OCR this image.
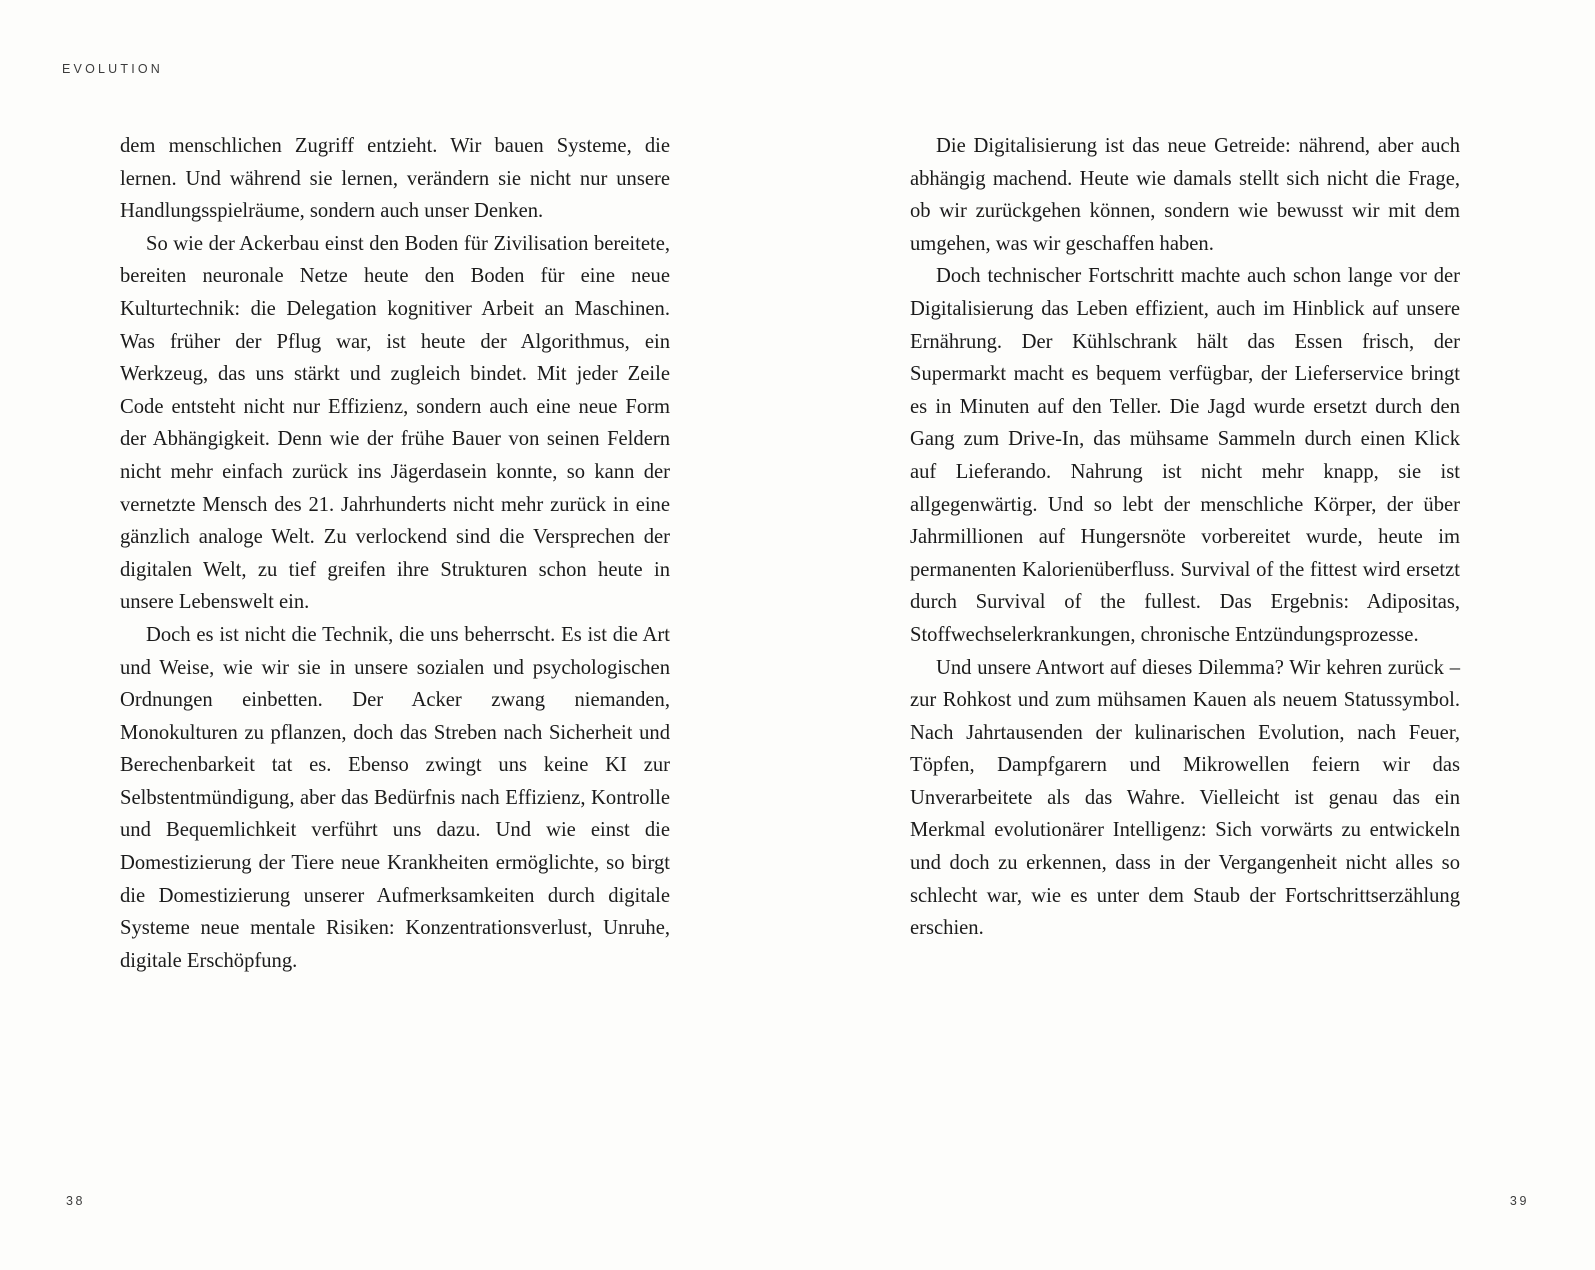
EVOLUTION

dem menschlichen Zugriff entzieht. Wir bauen Systeme, die lernen. Und während sie lernen, verändern sie nicht nur unsere Handlungsspielräume, sondern auch unser Denken.

So wie der Ackerbau einst den Boden für Zivilisation bereitete, bereiten neuronale Netze heute den Boden für eine neue Kulturtechnik: die Delegation kognitiver Arbeit an Maschinen. Was früher der Pflug war, ist heute der Algorithmus, ein Werkzeug, das uns stärkt und zugleich bindet. Mit jeder Zeile Code entsteht nicht nur Effizienz, sondern auch eine neue Form der Abhängigkeit. Denn wie der frühe Bauer von seinen Feldern nicht mehr einfach zurück ins Jägerdasein konnte, so kann der vernetzte Mensch des 21. Jahrhunderts nicht mehr zurück in eine gänzlich analoge Welt. Zu verlockend sind die Versprechen der digitalen Welt, zu tief greifen ihre Strukturen schon heute in unsere Lebenswelt ein.

Doch es ist nicht die Technik, die uns beherrscht. Es ist die Art und Weise, wie wir sie in unsere sozialen und psychologischen Ordnungen einbetten. Der Acker zwang niemanden, Monokulturen zu pflanzen, doch das Streben nach Sicherheit und Berechenbarkeit tat es. Ebenso zwingt uns keine KI zur Selbstentmündigung, aber das Bedürfnis nach Effizienz, Kontrolle und Bequemlichkeit verführt uns dazu. Und wie einst die Domestizierung der Tiere neue Krankheiten ermöglichte, so birgt die Domestizierung unserer Aufmerksamkeiten durch digitale Systeme neue mentale Risiken: Konzentrationsverlust, Unruhe, digitale Erschöpfung.

Die Digitalisierung ist das neue Getreide: nährend, aber auch abhängig machend. Heute wie damals stellt sich nicht die Frage, ob wir zurückgehen können, sondern wie bewusst wir mit dem umgehen, was wir geschaffen haben.

Doch technischer Fortschritt machte auch schon lange vor der Digitalisierung das Leben effizient, auch im Hinblick auf unsere Ernährung. Der Kühlschrank hält das Essen frisch, der Supermarkt macht es bequem verfügbar, der Lieferservice bringt es in Minuten auf den Teller. Die Jagd wurde ersetzt durch den Gang zum Drive-In, das mühsame Sammeln durch einen Klick auf Lieferando. Nahrung ist nicht mehr knapp, sie ist allgegenwärtig. Und so lebt der menschliche Körper, der über Jahrmillionen auf Hungersnöte vorbereitet wurde, heute im permanenten Kalorienüberfluss. Survival of the fittest wird ersetzt durch Survival of the fullest. Das Ergebnis: Adipositas, Stoffwechselerkrankungen, chronische Entzündungsprozesse.

Und unsere Antwort auf dieses Dilemma? Wir kehren zurück – zur Rohkost und zum mühsamen Kauen als neuem Statussymbol. Nach Jahrtausenden der kulinarischen Evolution, nach Feuer, Töpfen, Dampfgarern und Mikrowellen feiern wir das Unverarbeitete als das Wahre. Vielleicht ist genau das ein Merkmal evolutionärer Intelligenz: Sich vorwärts zu entwickeln und doch zu erkennen, dass in der Vergangenheit nicht alles so schlecht war, wie es unter dem Staub der Fortschrittserzählung erschien.

38	39
